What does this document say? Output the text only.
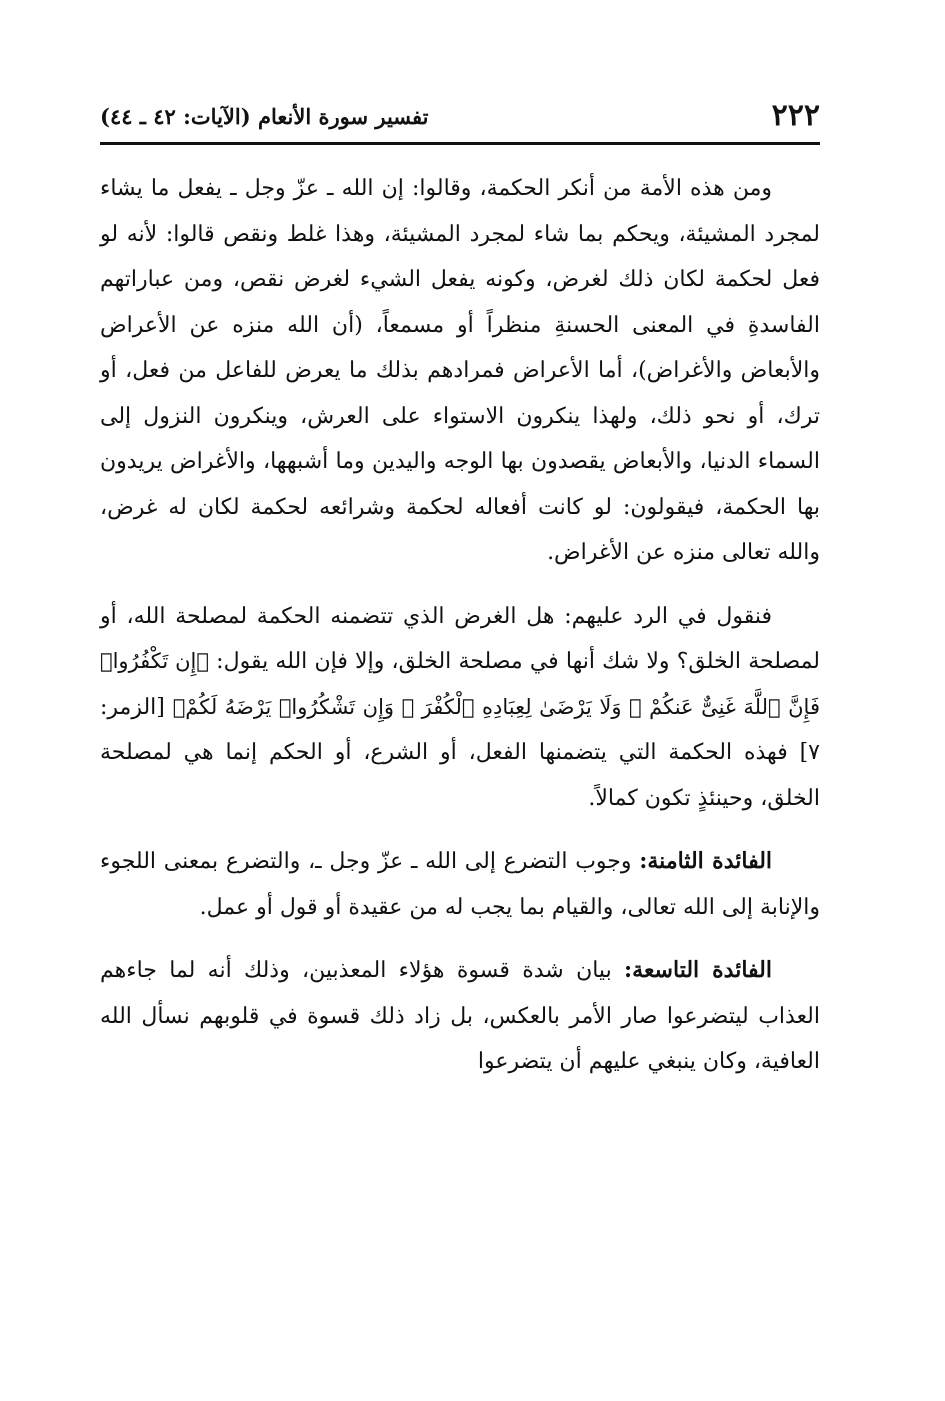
٢٢٢
تفسير سورة الأنعام (الآيات: ٤٢ ـ ٤٤)

ومن هذه الأمة من أنكر الحكمة، وقالوا: إن الله ـ عزّ وجل ـ يفعل ما يشاء لمجرد المشيئة، ويحكم بما شاء لمجرد المشيئة، وهذا غلط ونقص قالوا: لأنه لو فعل لحكمة لكان ذلك لغرض، وكونه يفعل الشيء لغرض نقص، ومن عباراتهم الفاسدةِ في المعنى الحسنةِ منظراً أو مسمعاً، (أن الله منزه عن الأعراض والأبعاض والأغراض)، أما الأعراض فمرادهم بذلك ما يعرض للفاعل من فعل، أو ترك، أو نحو ذلك، ولهذا ينكرون الاستواء على العرش، وينكرون النزول إلى السماء الدنيا، والأبعاض يقصدون بها الوجه واليدين وما أشبهها، والأغراض يريدون بها الحكمة، فيقولون: لو كانت أفعاله لحكمة وشرائعه لحكمة لكان له غرض، والله تعالى منزه عن الأغراض.

فنقول في الرد عليهم: هل الغرض الذي تتضمنه الحكمة لمصلحة الله، أو لمصلحة الخلق؟ ولا شك أنها في مصلحة الخلق، وإلا فإن الله يقول: ﴿إِن تَكْفُرُوا۟ فَإِنَّ ٱللَّهَ غَنِىٌّ عَنكُمْ ۖ وَلَا يَرْضَىٰ لِعِبَادِهِ ٱلْكُفْرَ ۖ وَإِن تَشْكُرُوا۟ يَرْضَهُ لَكُمْ﴾ [الزمر: ٧] فهذه الحكمة التي يتضمنها الفعل، أو الشرع، أو الحكم إنما هي لمصلحة الخلق، وحينئذٍ تكون كمالاً.

الفائدة الثامنة: وجوب التضرع إلى الله ـ عزّ وجل ـ، والتضرع بمعنى اللجوء والإنابة إلى الله تعالى، والقيام بما يجب له من عقيدة أو قول أو عمل.

الفائدة التاسعة: بيان شدة قسوة هؤلاء المعذبين، وذلك أنه لما جاءهم العذاب ليتضرعوا صار الأمر بالعكس، بل زاد ذلك قسوة في قلوبهم نسأل الله العافية، وكان ينبغي عليهم أن يتضرعوا
